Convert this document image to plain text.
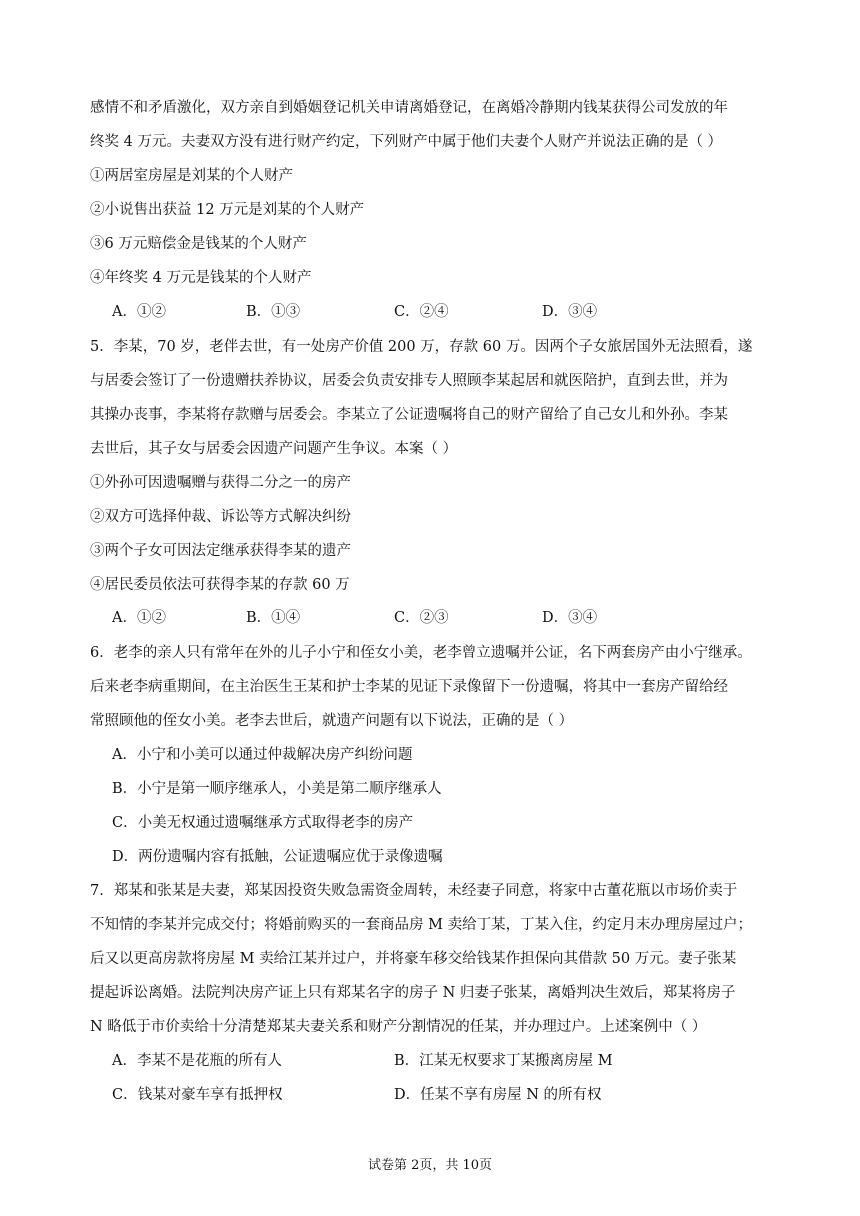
感情不和矛盾激化，双方亲自到婚姻登记机关申请离婚登记，在离婚冷静期内钱某获得公司发放的年
终奖 4 万元。夫妻双方没有进行财产约定，下列财产中属于他们夫妻个人财产并说法正确的是（ ）
①两居室房屋是刘某的个人财产
②小说售出获益 12 万元是刘某的个人财产
③6 万元赔偿金是钱某的个人财产
④年终奖 4 万元是钱某的个人财产
A．①②	B．①③	C．②④	D．③④
5．李某，70 岁，老伴去世，有一处房产价值 200 万，存款 60 万。因两个子女旅居国外无法照看，遂
与居委会签订了一份遗赠扶养协议，居委会负责安排专人照顾李某起居和就医陪护，直到去世，并为
其操办丧事，李某将存款赠与居委会。李某立了公证遗嘱将自己的财产留给了自己女儿和外孙。李某
去世后，其子女与居委会因遗产问题产生争议。本案（ ）
①外孙可因遗嘱赠与获得二分之一的房产
②双方可选择仲裁、诉讼等方式解决纠纷
③两个子女可因法定继承获得李某的遗产
④居民委员依法可获得李某的存款 60 万
A．①②	B．①④	C．②③	D．③④
6．老李的亲人只有常年在外的儿子小宁和侄女小美，老李曾立遗嘱并公证，名下两套房产由小宁继承。
后来老李病重期间，在主治医生王某和护士李某的见证下录像留下一份遗嘱，将其中一套房产留给经
常照顾他的侄女小美。老李去世后，就遗产问题有以下说法，正确的是（ ）
A．小宁和小美可以通过仲裁解决房产纠纷问题
B．小宁是第一顺序继承人，小美是第二顺序继承人
C．小美无权通过遗嘱继承方式取得老李的房产
D．两份遗嘱内容有抵触，公证遗嘱应优于录像遗嘱
7．郑某和张某是夫妻，郑某因投资失败急需资金周转，未经妻子同意，将家中古董花瓶以市场价卖于
不知情的李某并完成交付；将婚前购买的一套商品房 M 卖给丁某，丁某入住，约定月末办理房屋过户；
后又以更高房款将房屋 M 卖给江某并过户，并将豪车移交给钱某作担保向其借款 50 万元。妻子张某
提起诉讼离婚。法院判决房产证上只有郑某名字的房子 N 归妻子张某，离婚判决生效后，郑某将房子
N 略低于市价卖给十分清楚郑某夫妻关系和财产分割情况的任某，并办理过户。上述案例中（ ）
A．李某不是花瓶的所有人	B．江某无权要求丁某搬离房屋 M
C．钱某对豪车享有抵押权	D．任某不享有房屋 N 的所有权
试卷第 2页，共 10页
